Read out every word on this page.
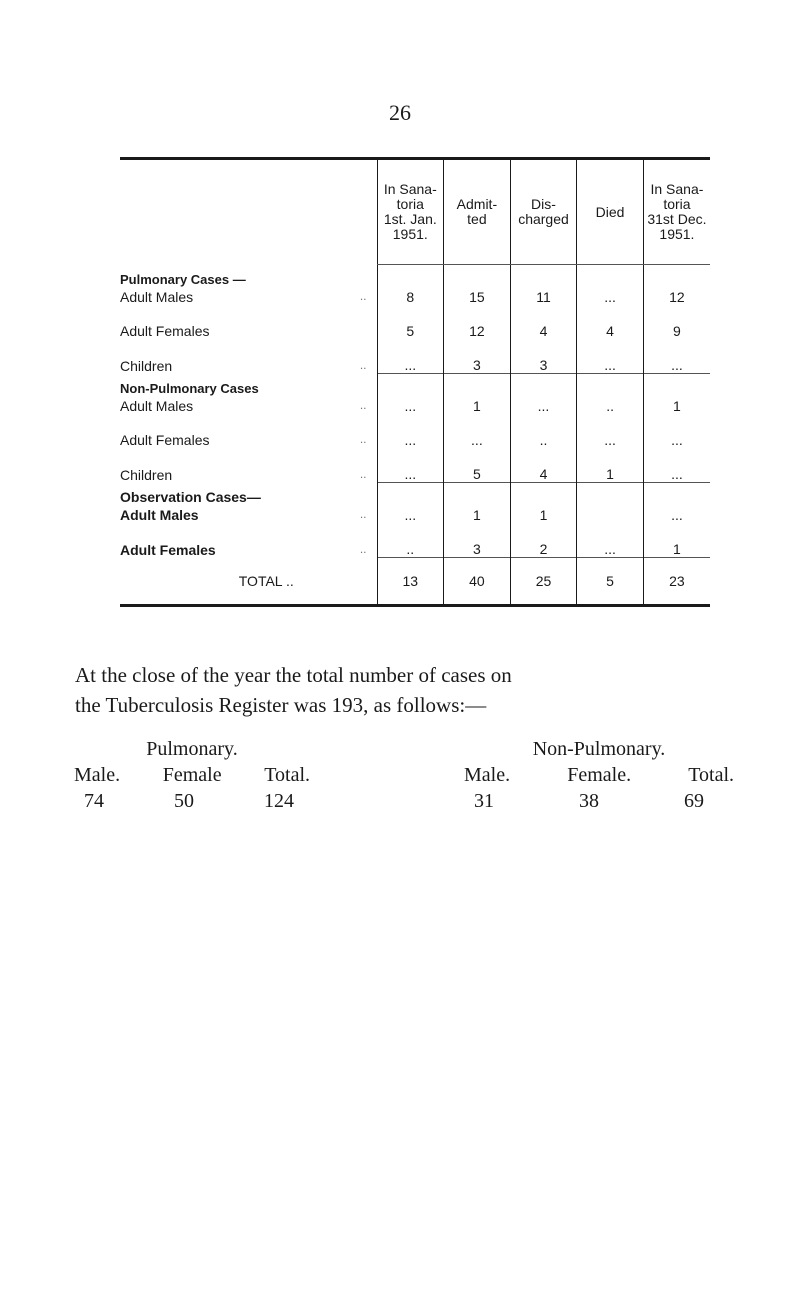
26

	In Sana-
toria
1st. Jan.
1951.	Admit-
ted	Dis-
charged	Died	In Sana-
toria
31st Dec.
1951.

Pulmonary Cases —
Adult Males ..	8	15	11	...	12
Adult Females	5	12	4	4	9
Children ..	...	3	3	...	...

Non-Pulmonary Cases
Adult Males ..	...	1	...	..	1
Adult Females ..	...	...	..	...	...
Children ..	...	5	4	1	...

Observation Cases—
Adult Males ..	...	1	1		...
Adult Females ..	..	3	2	...	1
TOTAL ..	13	40	25	5	23
At the close of the year the total number of cases on
the Tuberculosis Register was 193, as follows:—
Pulmonary.
Male. Female Total.
74	50	124
Non-Pulmonary.
Male.	Female.	Total.
31	38	69
